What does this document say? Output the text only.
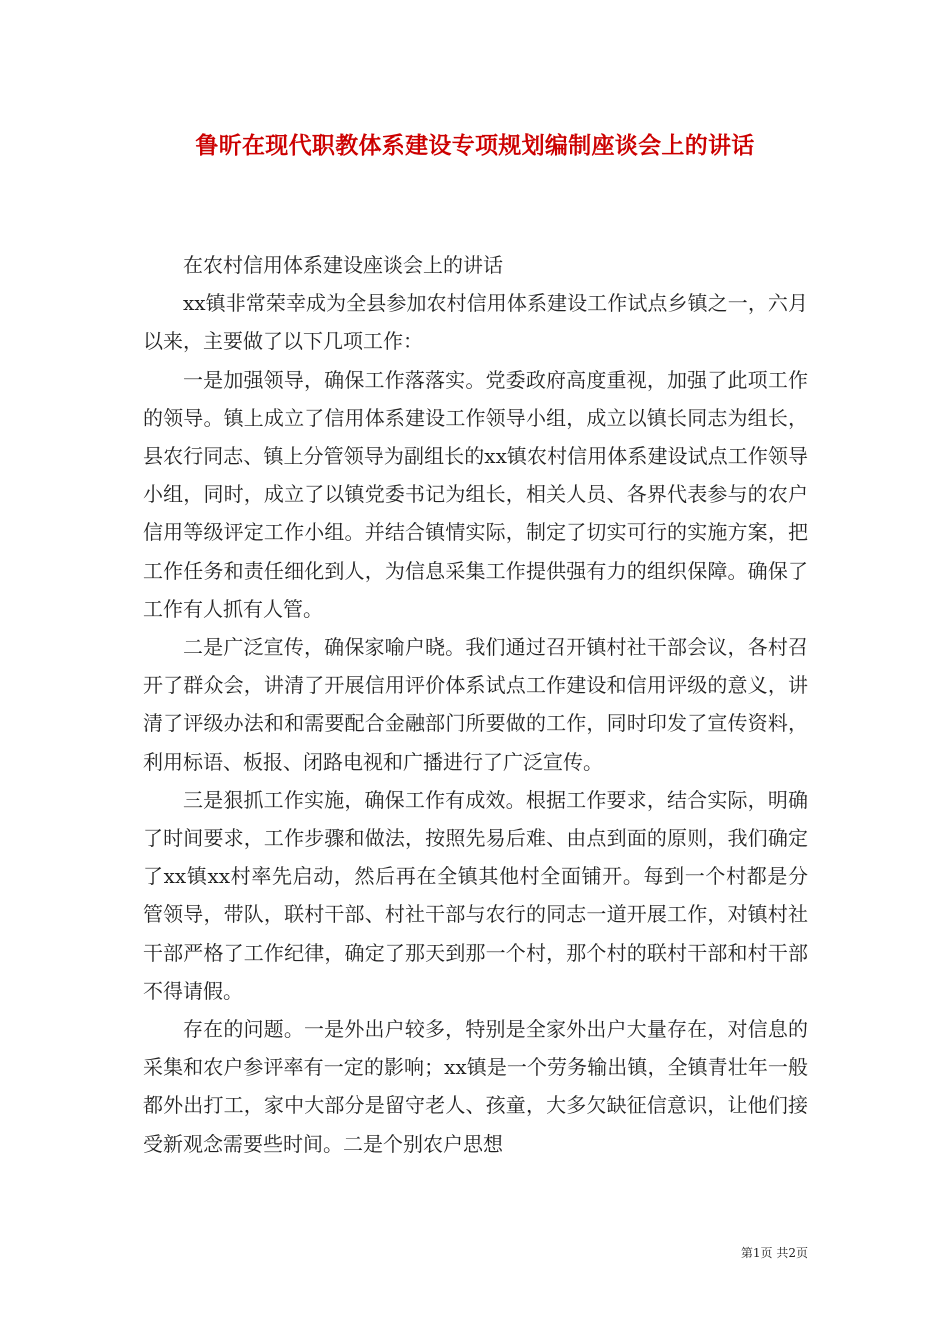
鲁昕在现代职教体系建设专项规划编制座谈会上的讲话

在农村信用体系建设座谈会上的讲话

xx镇非常荣幸成为全县参加农村信用体系建设工作试点乡镇之一，六月以来，主要做了以下几项工作：

一是加强领导，确保工作落落实。党委政府高度重视，加强了此项工作的领导。镇上成立了信用体系建设工作领导小组，成立以镇长同志为组长，县农行同志、镇上分管领导为副组长的xx镇农村信用体系建设试点工作领导小组，同时，成立了以镇党委书记为组长，相关人员、各界代表参与的农户信用等级评定工作小组。并结合镇情实际，制定了切实可行的实施方案，把工作任务和责任细化到人，为信息采集工作提供强有力的组织保障。确保了工作有人抓有人管。

二是广泛宣传，确保家喻户晓。我们通过召开镇村社干部会议，各村召开了群众会，讲清了开展信用评价体系试点工作建设和信用评级的意义，讲清了评级办法和和需要配合金融部门所要做的工作，同时印发了宣传资料，利用标语、板报、闭路电视和广播进行了广泛宣传。

三是狠抓工作实施，确保工作有成效。根据工作要求，结合实际，明确了时间要求，工作步骤和做法，按照先易后难、由点到面的原则，我们确定了xx镇xx村率先启动，然后再在全镇其他村全面铺开。每到一个村都是分管领导，带队，联村干部、村社干部与农行的同志一道开展工作，对镇村社干部严格了工作纪律，确定了那天到那一个村，那个村的联村干部和村干部不得请假。

存在的问题。一是外出户较多，特别是全家外出户大量存在，对信息的采集和农户参评率有一定的影响；xx镇是一个劳务输出镇，全镇青壮年一般都外出打工，家中大部分是留守老人、孩童，大多欠缺征信意识，让他们接受新观念需要些时间。二是个别农户思想

第1页 共2页
